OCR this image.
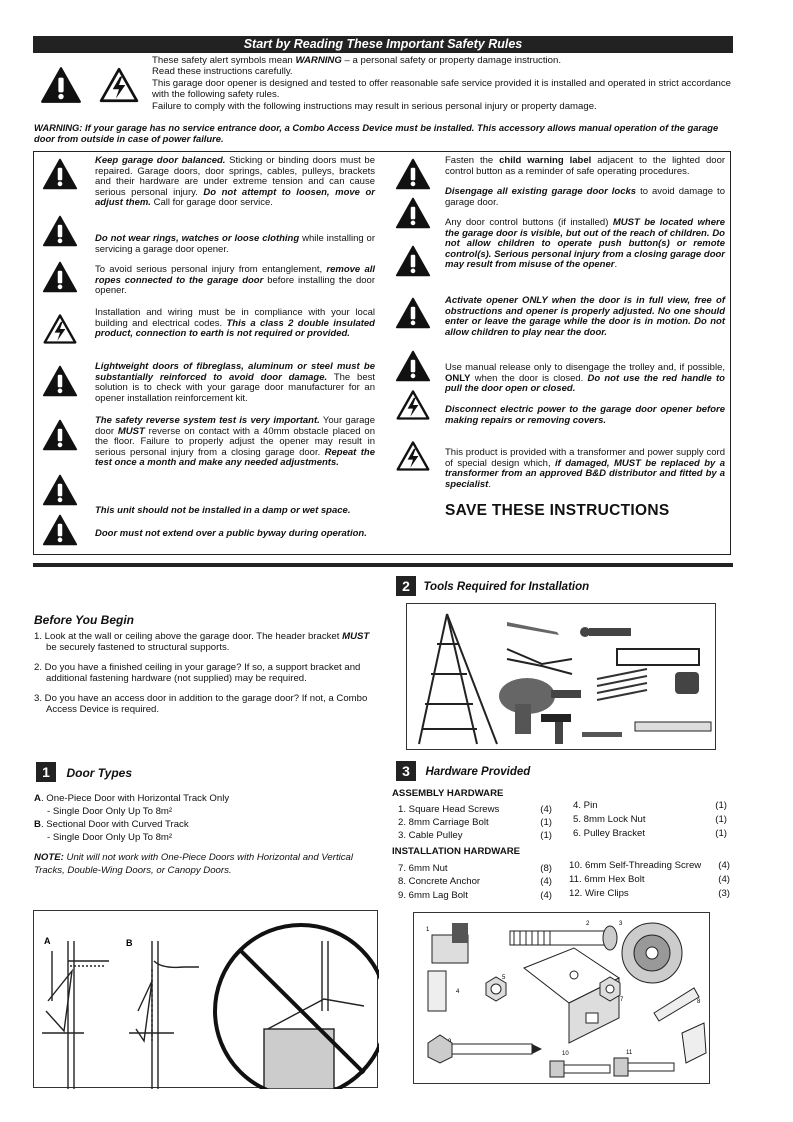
Start by Reading These Important Safety Rules

These safety alert symbols mean WARNING – a personal safety or property damage instruction.

Read these instructions carefully.

This garage door opener is designed and tested to offer reasonable safe service provided it is installed and operated in strict accordance with the following safety rules.

Failure to comply with the following instructions may result in serious personal injury or property damage.

WARNING: If your garage has no service entrance door, a Combo Access Device must be installed. This accessory allows manual operation of the garage door from outside in case of power failure.
Keep garage door balanced. Sticking or binding doors must be repaired. Garage doors, door springs, cables, pulleys, brackets and their hardware are under extreme tension and can cause serious personal injury. Do not attempt to loosen, move or adjust them. Call for garage door service.
Do not wear rings, watches or loose clothing while installing or servicing a garage door opener.
To avoid serious personal injury from entanglement, remove all ropes connected to the garage door before installing the door opener.
Installation and wiring must be in compliance with your local building and electrical codes. This a class 2 double insulated product, connection to earth is not required or provided.
Lightweight doors of fibreglass, aluminum or steel must be substantially reinforced to avoid door damage. The best solution is to check with your garage door manufacturer for an opener installation reinforcement kit.
The safety reverse system test is very important. Your garage door MUST reverse on contact with a 40mm obstacle placed on the floor. Failure to properly adjust the opener may result in serious personal injury from a closing garage door. Repeat the test once a month and make any needed adjustments.
This unit should not be installed in a damp or wet space.
Door must not extend over a public byway during operation.
Fasten the child warning label adjacent to the lighted door control button as a reminder of safe operating procedures.
Disengage all existing garage door locks to avoid damage to garage door.
Any door control buttons (if installed) MUST be located where the garage door is visible, but out of the reach of children. Do not allow children to operate push button(s) or remote control(s). Serious personal injury from a closing garage door may result from misuse of the opener.
Activate opener ONLY when the door is in full view, free of obstructions and opener is properly adjusted. No one should enter or leave the garage while the door is in motion. Do not allow children to play near the door.
Use manual release only to disengage the trolley and, if possible, ONLY when the door is closed. Do not use the red handle to pull the door open or closed.
Disconnect electric power to the garage door opener before making repairs or removing covers.
This product is provided with a transformer and power supply cord of special design which, if damaged, MUST be replaced by a transformer from an approved B&D distributor and fitted by a specialist.
SAVE THESE INSTRUCTIONS
Before You Begin
1. Look at the wall or ceiling above the garage door. The header bracket MUST be securely fastened to structural supports.
2. Do you have a finished ceiling in your garage? If so, a support bracket and additional fastening hardware (not supplied) may be required.
3. Do you have an access door in addition to the garage door? If not, a Combo Access Device is required.
1 Door Types
A. One-Piece Door with Horizontal Track Only
- Single Door Only Up To 8m²
B. Sectional Door with Curved Track
- Single Door Only Up To 8m²
NOTE: Unit will not work with One-Piece Doors with Horizontal and Vertical Tracks, Double-Wing Doors, or Canopy Doors.
A	B
2 Tools Required for Installation
3 Hardware Provided
ASSEMBLY HARDWARE
1. Square Head Screws	(4)
2. 8mm Carriage Bolt	(1)
3. Cable Pulley	(1)
4. Pin	(1)
5. 8mm Lock Nut	(1)
6. Pulley Bracket	(1)
INSTALLATION HARDWARE
7. 6mm Nut	(8)
8. Concrete Anchor	(4)
9. 6mm Lag Bolt	(4)
10. 6mm Self-Threading Screw	(4)
11. 6mm Hex Bolt	(4)
12. Wire Clips	(3)
1
2	3
4
5
7	8
10	11
